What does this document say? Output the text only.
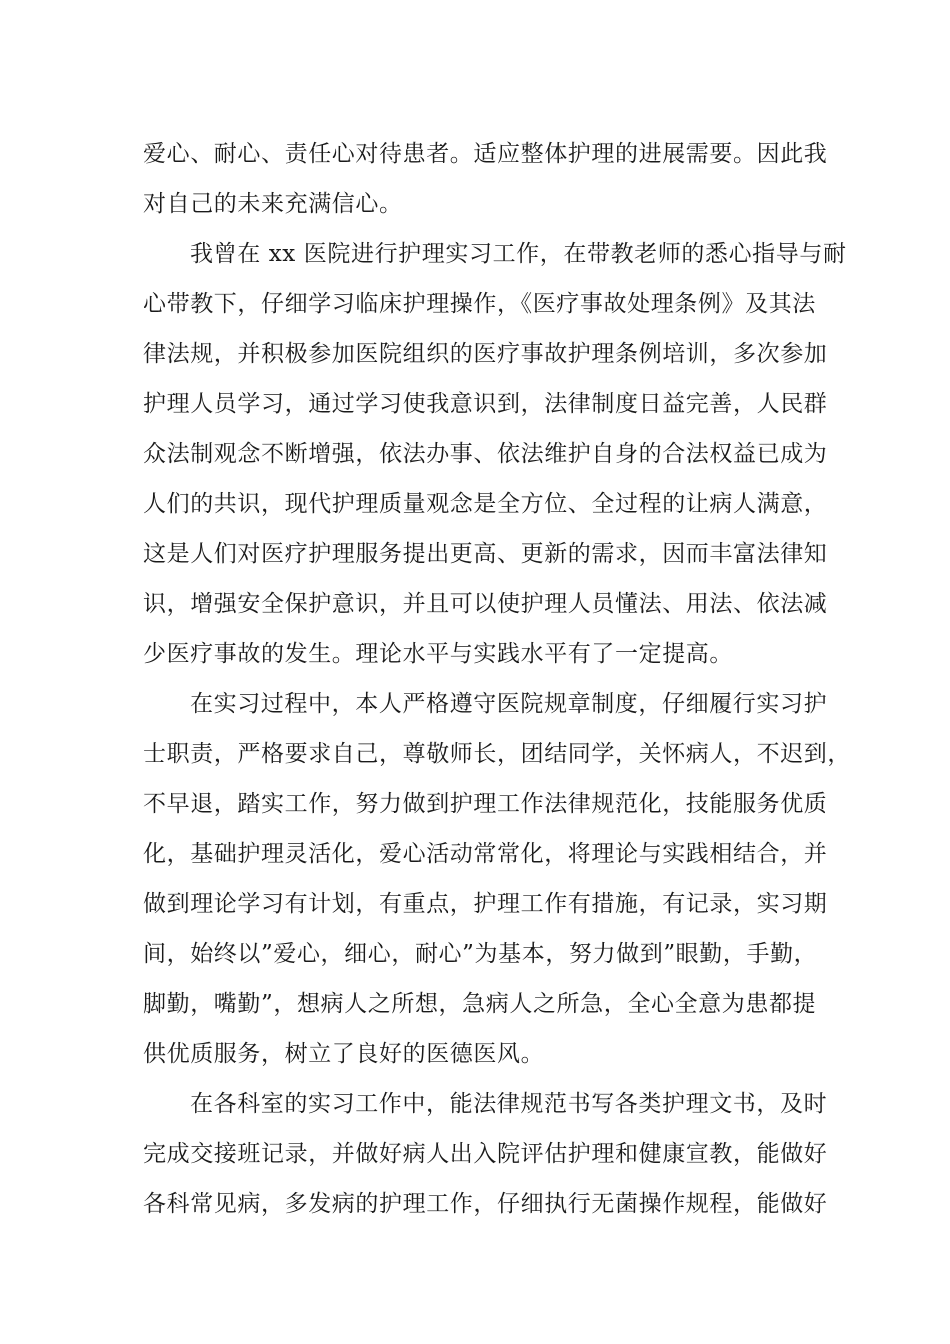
爱心、耐心、责任心对待患者。适应整体护理的进展需要。因此我

对自己的未来充满信心。

我曾在 xx 医院进行护理实习工作，在带教老师的悉心指导与耐

心带教下，仔细学习临床护理操作，《医疗事故处理条例》及其法

律法规，并积极参加医院组织的医疗事故护理条例培训，多次参加

护理人员学习，通过学习使我意识到，法律制度日益完善，人民群

众法制观念不断增强，依法办事、依法维护自身的合法权益已成为

人们的共识，现代护理质量观念是全方位、全过程的让病人满意，

这是人们对医疗护理服务提出更高、更新的需求，因而丰富法律知

识，增强安全保护意识，并且可以使护理人员懂法、用法、依法减

少医疗事故的发生。理论水平与实践水平有了一定提高。

在实习过程中，本人严格遵守医院规章制度，仔细履行实习护

士职责，严格要求自己，尊敬师长，团结同学，关怀病人，不迟到，

不早退，踏实工作，努力做到护理工作法律规范化，技能服务优质

化，基础护理灵活化，爱心活动常常化，将理论与实践相结合，并

做到理论学习有计划，有重点，护理工作有措施，有记录，实习期

间，始终以”爱心，细心，耐心”为基本，努力做到”眼勤，手勤，

脚勤，嘴勤”，想病人之所想，急病人之所急，全心全意为患都提

供优质服务，树立了良好的医德医风。

在各科室的实习工作中，能法律规范书写各类护理文书，及时

完成交接班记录，并做好病人出入院评估护理和健康宣教，能做好

各科常见病，多发病的护理工作，仔细执行无菌操作规程，能做好
